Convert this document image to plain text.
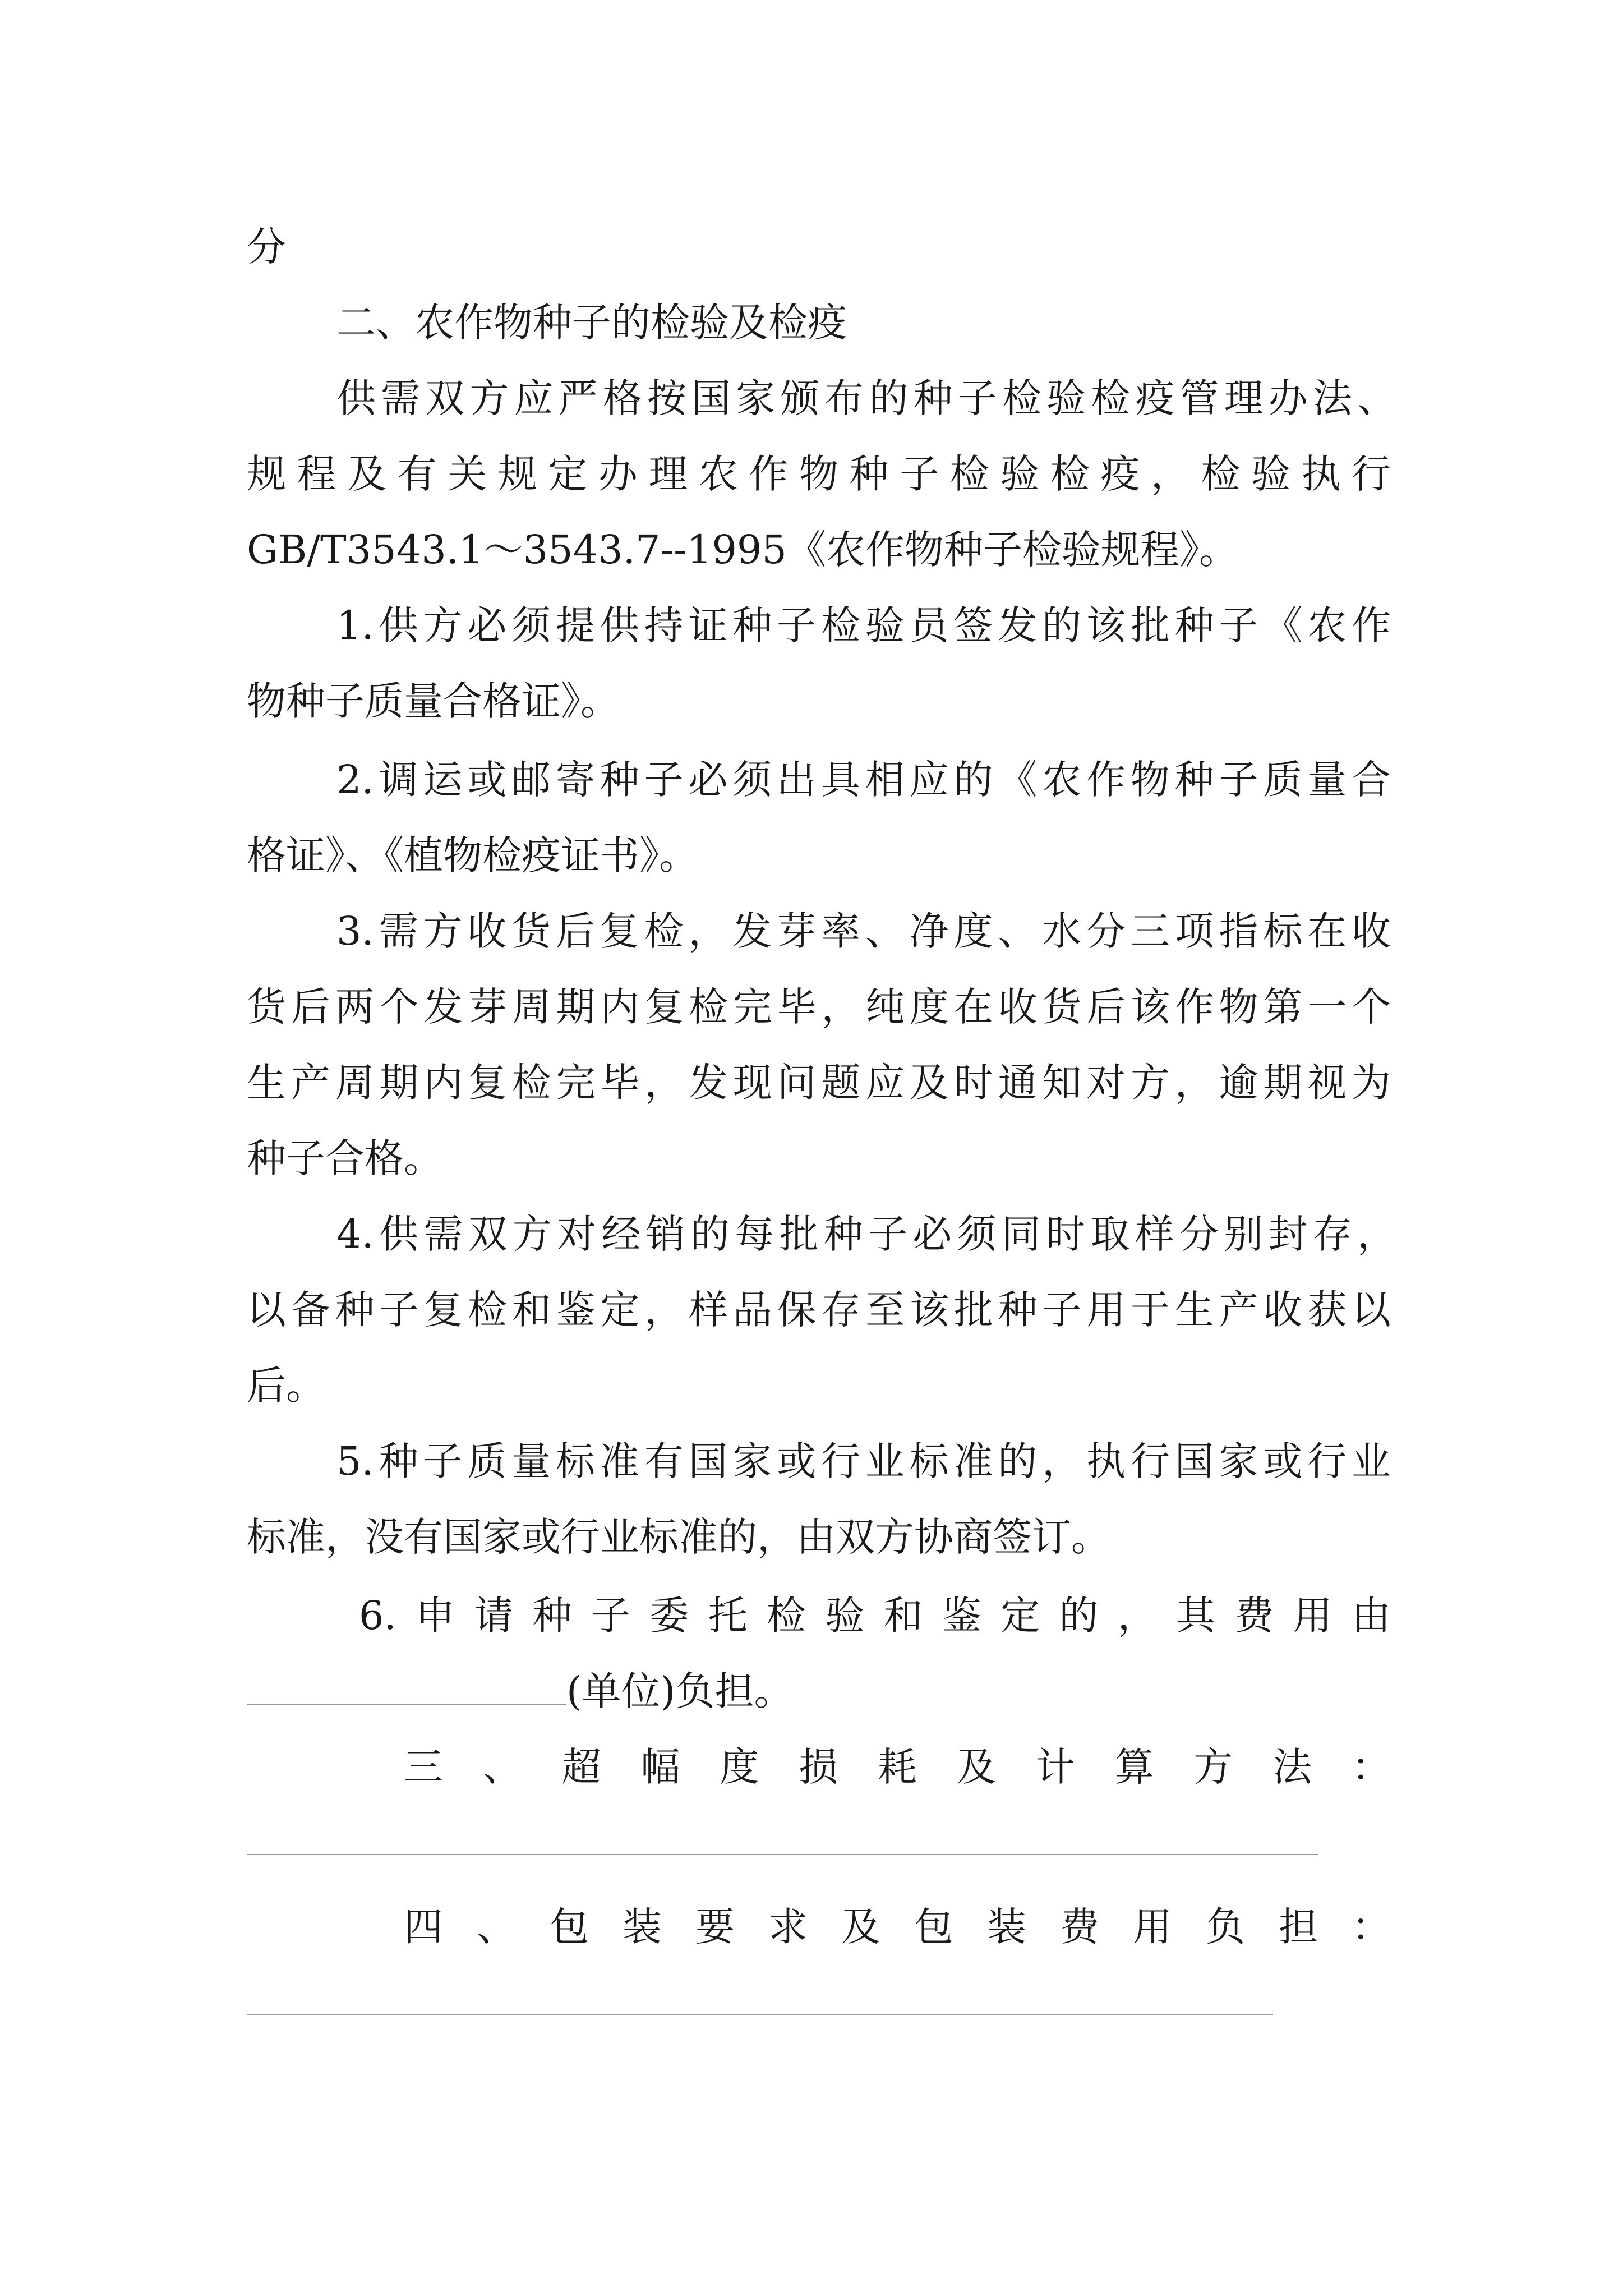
分
二、农作物种子的检验及检疫
供需双方应严格按国家颁布的种子检验检疫管理办法、
规程及有关规定办理农作物种子检验检疫，检验执行
GB/T3543.1～3543.7--1995《农作物种子检验规程》。
1.供方必须提供持证种子检验员签发的该批种子《农作
物种子质量合格证》。
2.调运或邮寄种子必须出具相应的《农作物种子质量合
格证》、《植物检疫证书》。
3.需方收货后复检，发芽率、净度、水分三项指标在收
货后两个发芽周期内复检完毕，纯度在收货后该作物第一个
生产周期内复检完毕，发现问题应及时通知对方，逾期视为
种子合格。
4.供需双方对经销的每批种子必须同时取样分别封存，
以备种子复检和鉴定，样品保存至该批种子用于生产收获以
后。
5.种子质量标准有国家或行业标准的，执行国家或行业
标准，没有国家或行业标准的，由双方协商签订。
6.申请种子委托检验和鉴定的，其费用由
(单位)负担。
三、超幅度损耗及计算方法：
四、包装要求及包装费用负担：
